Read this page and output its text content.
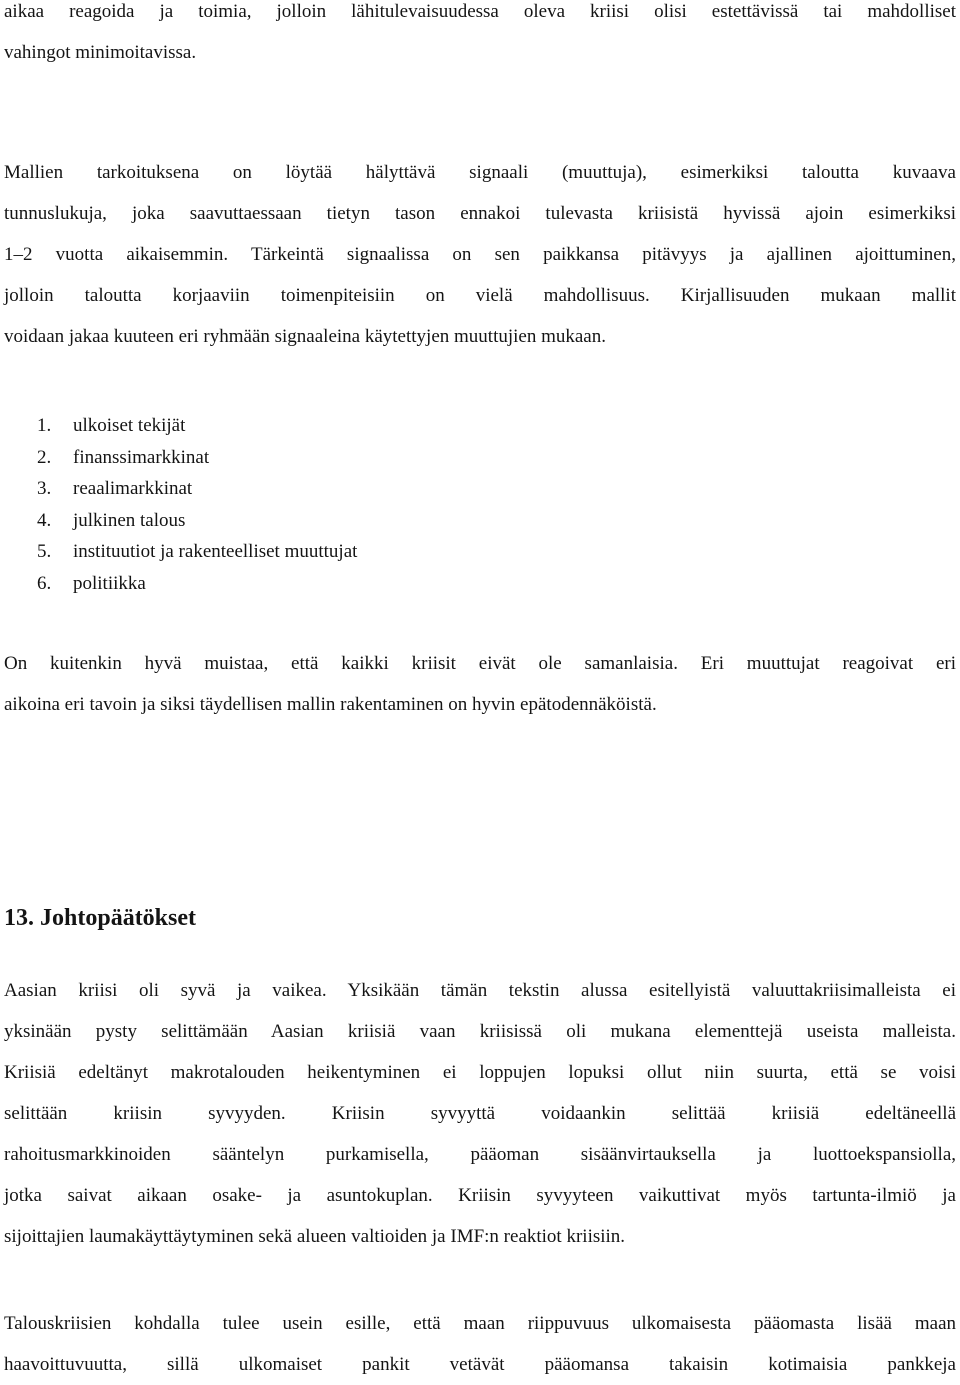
aikaa reagoida ja toimia, jolloin lähitulevaisuudessa oleva kriisi olisi estettävissä tai mahdolliset
vahingot minimoitavissa.
Mallien tarkoituksena on löytää hälyttävä signaali (muuttuja), esimerkiksi taloutta kuvaava
tunnuslukuja, joka saavuttaessaan tietyn tason ennakoi tulevasta kriisistä hyvissä ajoin esimerkiksi
1–2 vuotta aikaisemmin. Tärkeintä signaalissa on sen paikkansa pitävyys ja ajallinen ajoittuminen,
jolloin taloutta korjaaviin toimenpiteisiin on vielä mahdollisuus. Kirjallisuuden mukaan mallit
voidaan jakaa kuuteen eri ryhmään signaaleina käytettyjen muuttujien mukaan.
1.	ulkoiset tekijät
2.	finanssimarkkinat
3.	reaalimarkkinat
4.	julkinen talous
5.	instituutiot ja rakenteelliset muuttujat
6.	politiikka
On kuitenkin hyvä muistaa, että kaikki kriisit eivät ole samanlaisia. Eri muuttujat reagoivat eri
aikoina eri tavoin ja siksi täydellisen mallin rakentaminen on hyvin epätodennäköistä.
13. Johtopäätökset
Aasian kriisi oli syvä ja vaikea. Yksikään tämän tekstin alussa esitellyistä valuuttakriisimalleista ei
yksinään pysty selittämään Aasian kriisiä vaan kriisissä oli mukana elementtejä useista malleista.
Kriisiä edeltänyt makrotalouden heikentyminen ei loppujen lopuksi ollut niin suurta, että se voisi
selittään kriisin syvyyden. Kriisin syvyyttä voidaankin selittää kriisiä edeltäneellä
rahoitusmarkkinoiden sääntelyn purkamisella, pääoman sisäänvirtauksella ja luottoekspansiolla,
jotka saivat aikaan osake- ja asuntokuplan. Kriisin syvyyteen vaikuttivat myös tartunta-ilmiö ja
sijoittajien laumakäyttäytyminen sekä alueen valtioiden ja IMF:n reaktiot kriisiin.
Talouskriisien kohdalla tulee usein esille, että maan riippuvuus ulkomaisesta pääomasta lisää maan
haavoittuvuutta, sillä ulkomaiset pankit vetävät pääomansa takaisin kotimaisia pankkeja
